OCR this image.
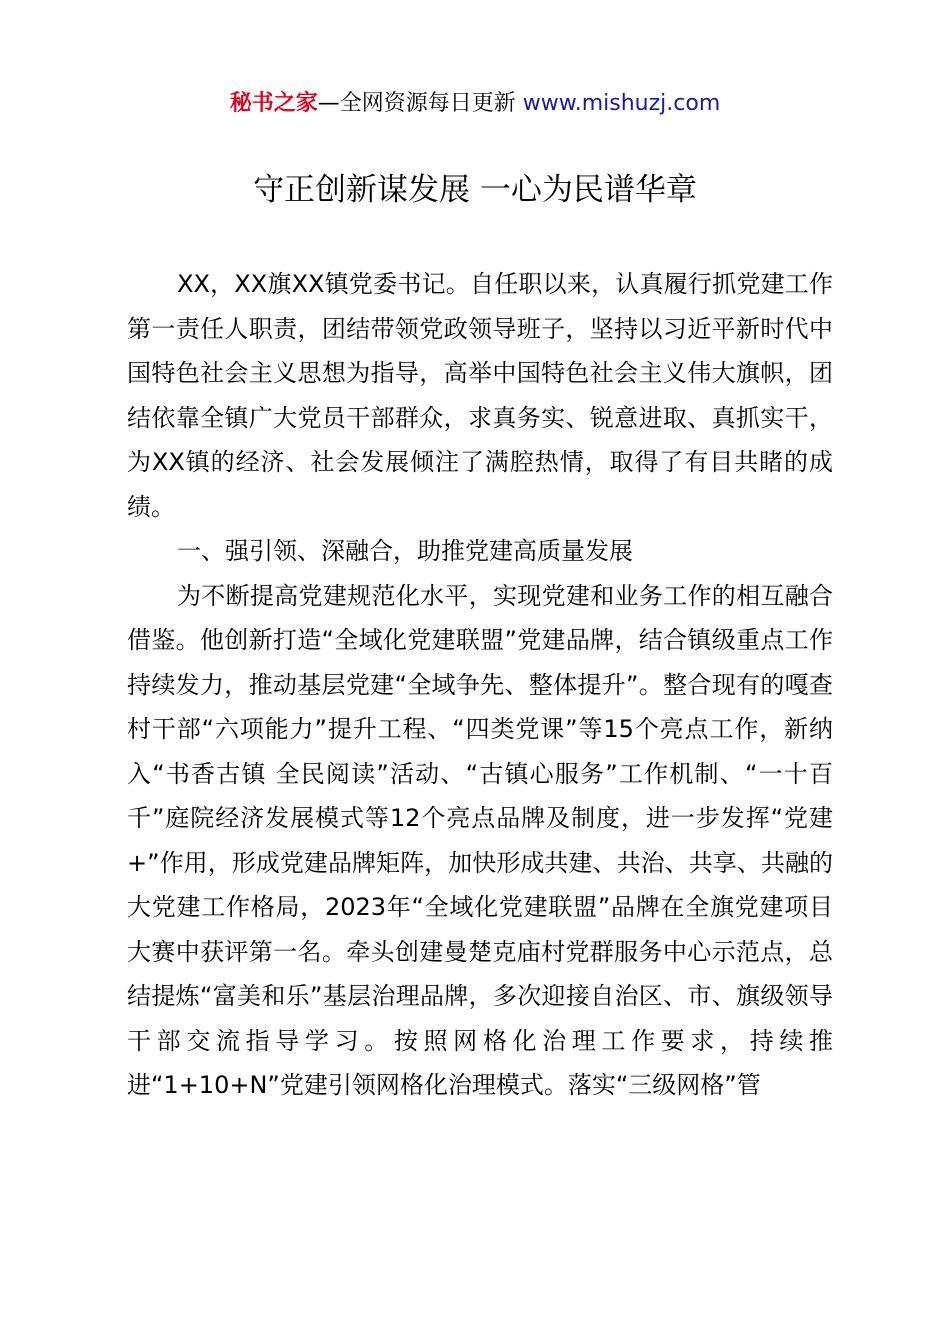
秘书之家—全网资源每日更新 www.mishuzj.com
守正创新谋发展 一心为民谱华章

XX，XX旗XX镇党委书记。自任职以来，认真履行抓党建工作第一责任人职责，团结带领党政领导班子，坚持以习近平新时代中国特色社会主义思想为指导，高举中国特色社会主义伟大旗帜，团结依靠全镇广大党员干部群众，求真务实、锐意进取、真抓实干，为XX镇的经济、社会发展倾注了满腔热情，取得了有目共睹的成绩。

一、强引领、深融合，助推党建高质量发展

为不断提高党建规范化水平，实现党建和业务工作的相互融合借鉴。他创新打造“全域化党建联盟”党建品牌，结合镇级重点工作持续发力，推动基层党建“全域争先、整体提升”。整合现有的嘎查村干部“六项能力”提升工程、“四类党课”等15个亮点工作，新纳入“书香古镇 全民阅读”活动、“古镇心服务”工作机制、“一十百千”庭院经济发展模式等12个亮点品牌及制度，进一步发挥“党建+”作用，形成党建品牌矩阵，加快形成共建、共治、共享、共融的大党建工作格局，2023年“全域化党建联盟”品牌在全旗党建项目大赛中获评第一名。牵头创建曼楚克庙村党群服务中心示范点，总结提炼“富美和乐”基层治理品牌，多次迎接自治区、市、旗级领导干部交流指导学习。按照网格化治理工作要求，持续推进“1+10+N”党建引领网格化治理模式。落实“三级网格”管
